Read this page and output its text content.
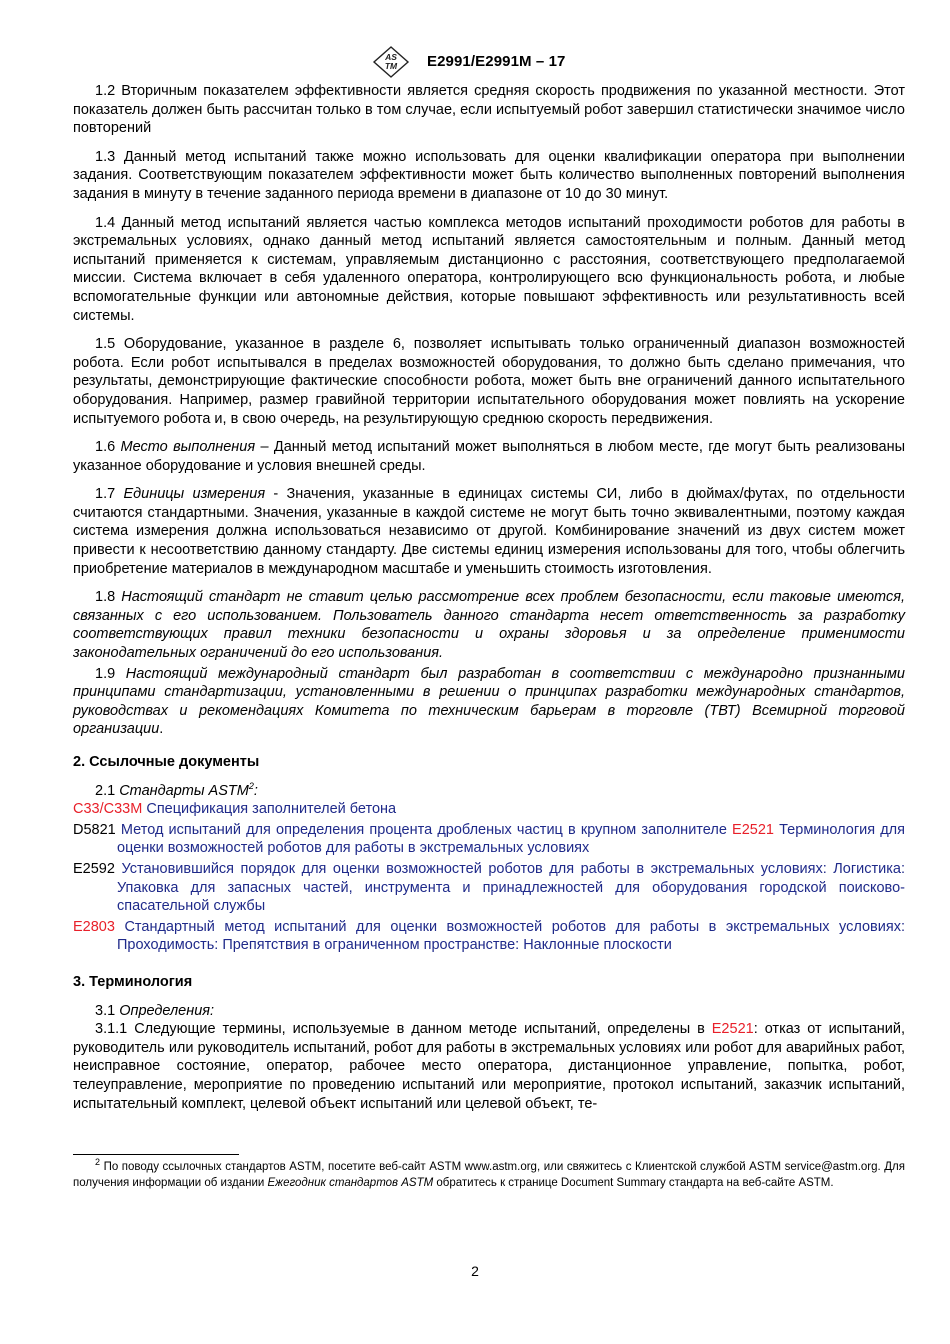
AS
TM E2991/E2991M – 17

1.2 Вторичным показателем эффективности является средняя скорость продвижения по указанной местности. Этот показатель должен быть рассчитан только в том случае, если испытуемый робот завершил статистически значимое число повторений

1.3 Данный метод испытаний также можно использовать для оценки квалификации оператора при выполнении задания. Соответствующим показателем эффективности может быть количество выполненных повторений выполнения задания в минуту в течение заданного периода времени в диапазоне от 10 до 30 минут.

1.4 Данный метод испытаний является частью комплекса методов испытаний проходимости роботов для работы в экстремальных условиях, однако данный метод испытаний является самостоятельным и полным. Данный метод испытаний применяется к системам, управляемым дистанционно с расстояния, соответствующего предполагаемой миссии. Система включает в себя удаленного оператора, контролирующего всю функциональность робота, и любые вспомогательные функции или автономные действия, которые повышают эффективность или результативность всей системы.

1.5 Оборудование, указанное в разделе 6, позволяет испытывать только ограниченный диапазон возможностей робота. Если робот испытывался в пределах возможностей оборудования, то должно быть сделано примечания, что результаты, демонстрирующие фактические способности робота, может быть вне ограничений данного испытательного оборудования. Например, размер гравийной территории испытательного оборудования может повлиять на ускорение испытуемого робота и, в свою очередь, на результирующую среднюю скорость передвижения.

1.6 Место выполнения – Данный метод испытаний может выполняться в любом месте, где могут быть реализованы указанное оборудование и условия внешней среды.

1.7 Единицы измерения - Значения, указанные в единицах системы СИ, либо в дюймах/футах, по отдельности считаются стандартными. Значения, указанные в каждой системе не могут быть точно эквивалентными, поэтому каждая система измерения должна использоваться независимо от другой. Комбинирование значений из двух систем может привести к несоответствию данному стандарту. Две системы единиц измерения использованы для того, чтобы облегчить приобретение материалов в международном масштабе и уменьшить стоимость изготовления.

1.8 Настоящий стандарт не ставит целью рассмотрение всех проблем безопасности, если таковые имеются, связанных с его использованием. Пользователь данного стандарта несет ответственность за разработку соответствующих правил техники безопасности и охраны здоровья и за определение применимости законодательных ограничений до его использования.

1.9 Настоящий международный стандарт был разработан в соответствии с международно признанными принципами стандартизации, установленными в решении о принципах разработки международных стандартов, руководствах и рекомендациях Комитета по техническим барьерам в торговле (ТВТ) Всемирной торговой организации.

2. Ссылочные документы

2.1 Стандарты ASTM$^2$:

C33/C33M Спецификация заполнителей бетона

D5821 Метод испытаний для определения процента дробленых частиц в крупном заполнителе E2521 Терминология для оценки возможностей роботов для работы в экстремальных условиях

E2592 Установившийся порядок для оценки возможностей роботов для работы в экстремальных условиях: Логистика: Упаковка для запасных частей, инструмента и принадлежностей для оборудования городской поисково-спасательной службы

E2803 Стандартный метод испытаний для оценки возможностей роботов для работы в экстремальных условиях: Проходимость: Препятствия в ограниченном пространстве: Наклонные плоскости

3. Терминология

3.1 Определения:

3.1.1 Следующие термины, используемые в данном методе испытаний, определены в E2521: отказ от испытаний, руководитель или руководитель испытаний, робот для работы в экстремальных условиях или робот для аварийных работ, неисправное состояние, оператор, рабочее место оператора, дистанционное управление, попытка, робот, телеуправление, мероприятие по проведению испытаний или мероприятие, протокол испытаний, заказчик испытаний, испытательный комплект, целевой объект испытаний или целевой объект, те-

$^2$ По поводу ссылочных стандартов ASTM, посетите веб-сайт ASTM www.astm.org, или свяжитесь с Клиентской службой ASTM service@astm.org. Для получения информации об издании Ежегодник стандартов ASTM обратитесь к странице Document Summary стандарта на веб-сайте ASTM.
2
